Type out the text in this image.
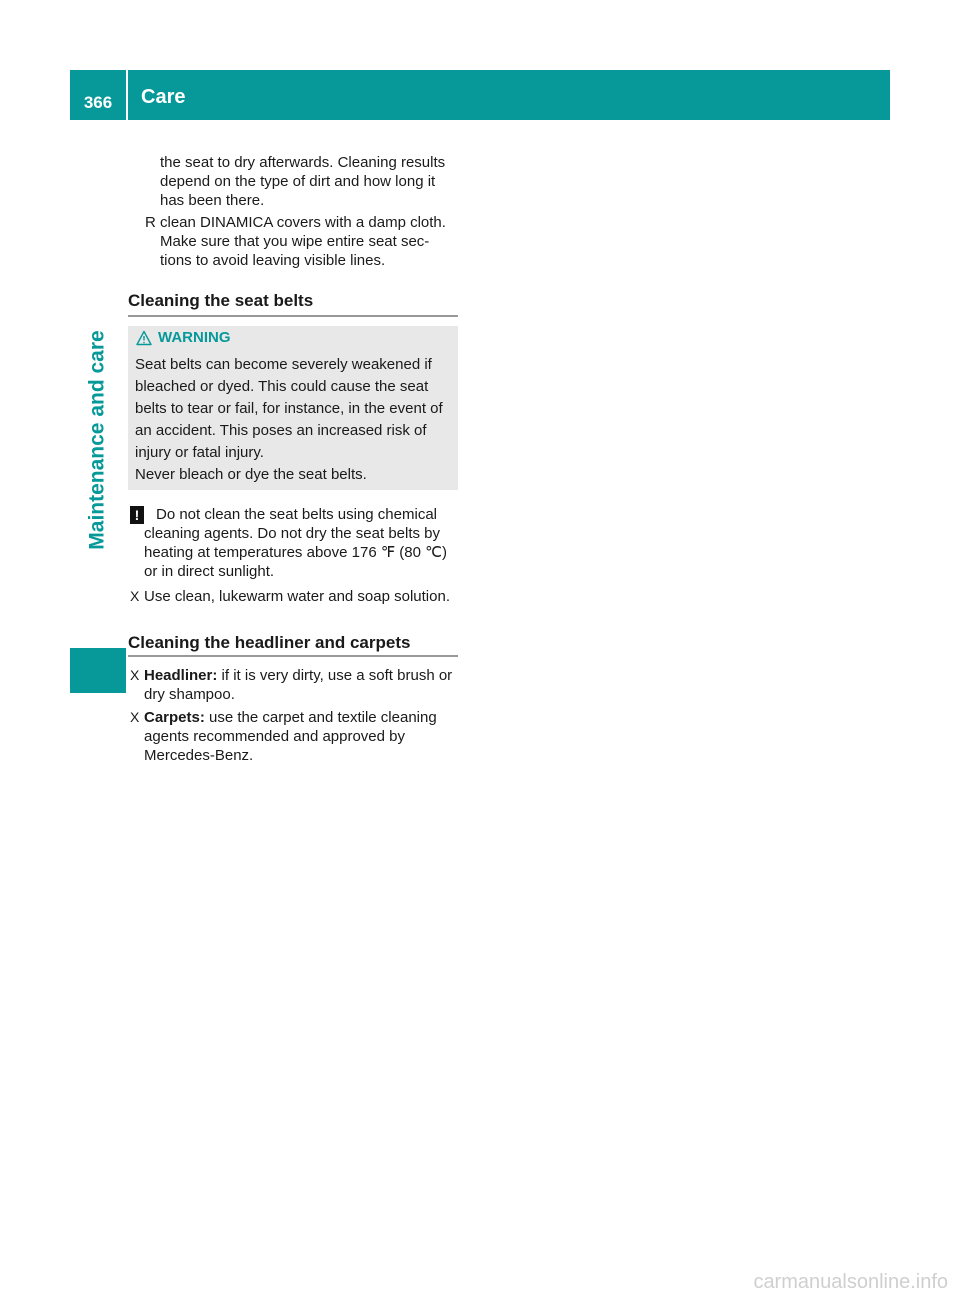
366	Care
Maintenance and care
the seat to dry afterwards. Cleaning results
depend on the type of dirt and how long it
has been there.
R clean DINAMICA covers with a damp cloth.
Make sure that you wipe entire seat sec-
tions to avoid leaving visible lines.
Cleaning the seat belts
WARNING
Seat belts can become severely weakened if
bleached or dyed. This could cause the seat
belts to tear or fail, for instance, in the event of
an accident. This poses an increased risk of
injury or fatal injury.
Never bleach or dye the seat belts.
!	Do not clean the seat belts using chemical
cleaning agents. Do not dry the seat belts by
heating at temperatures above 176 ℉ (80 ℃)
or in direct sunlight.
X Use clean, lukewarm water and soap solution.
Cleaning the headliner and carpets
X Headliner: if it is very dirty, use a soft brush or
dry shampoo.
X Carpets: use the carpet and textile cleaning
agents recommended and approved by
Mercedes-Benz.
carmanualsonline.info
